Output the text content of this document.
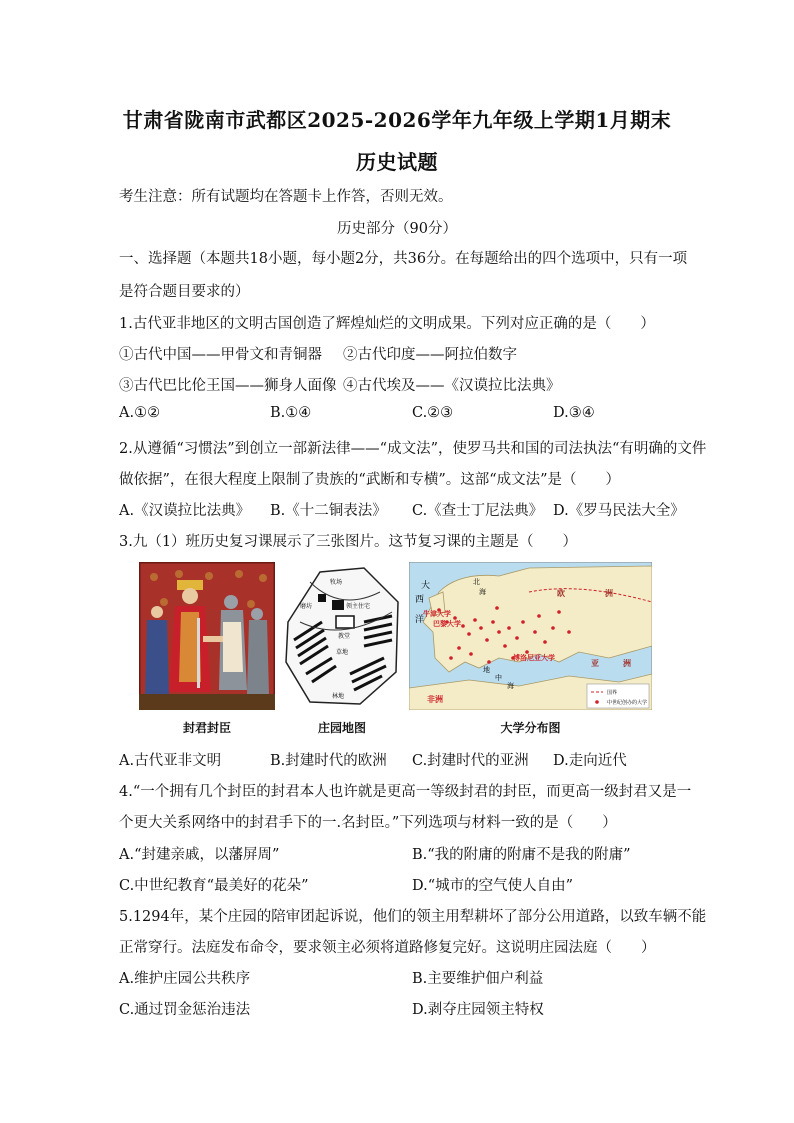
甘肃省陇南市武都区2025-2026学年九年级上学期1月期末
历史试题
考生注意：所有试题均在答题卡上作答，否则无效。
历史部分（90分）
一、选择题（本题共18小题，每小题2分，共36分。在每题给出的四个选项中，只有一项
是符合题目要求的）
1.古代亚非地区的文明古国创造了辉煌灿烂的文明成果。下列对应正确的是（　　）
①古代中国——甲骨文和青铜器 ②古代印度——阿拉伯数字
③古代巴比伦王国——狮身人面像 ④古代埃及——《汉谟拉比法典》
A.①②	B.①④	C.②③	D.③④
2.从遵循“习惯法”到创立一部新法律——“成文法”，使罗马共和国的司法执法“有明确的文件
做依据”，在很大程度上限制了贵族的“武断和专横”。这部“成文法”是（　　）
A.《汉谟拉比法典》 B.《十二铜表法》 C.《查士丁尼法典》 D.《罗马民法大全》
3.九（1）班历史复习课展示了三张图片。这节复习课的主题是（　　）
牧场
领主住宅
教堂
磨坊
草地
林地
大
西
洋
北
海	欧	洲
牛津大学
巴黎大学
博洛尼亚大学
亚	洲
地
中
海
非洲
国界
中世纪创办的大学
封君封臣	庄园地图	大学分布图
A.古代亚非文明	B.封建时代的欧洲 C.封建时代的亚洲 D.走向近代
4.“一个拥有几个封臣的封君本人也许就是更高一等级封君的封臣，而更高一级封君又是一
个更大关系网络中的封君手下的一.名封臣。”下列选项与材料一致的是（　　）
A.“封建亲戚，以藩屏周”	B.“我的附庸的附庸不是我的附庸”
C.中世纪教育“最美好的花朵”	D.“城市的空气使人自由”
5.1294年，某个庄园的陪审团起诉说，他们的领主用犁耕坏了部分公用道路，以致车辆不能
正常穿行。法庭发布命令，要求领主必须将道路修复完好。这说明庄园法庭（　　）
A.维护庄园公共秩序	B.主要维护佃户利益
C.通过罚金惩治违法	D.剥夺庄园领主特权
